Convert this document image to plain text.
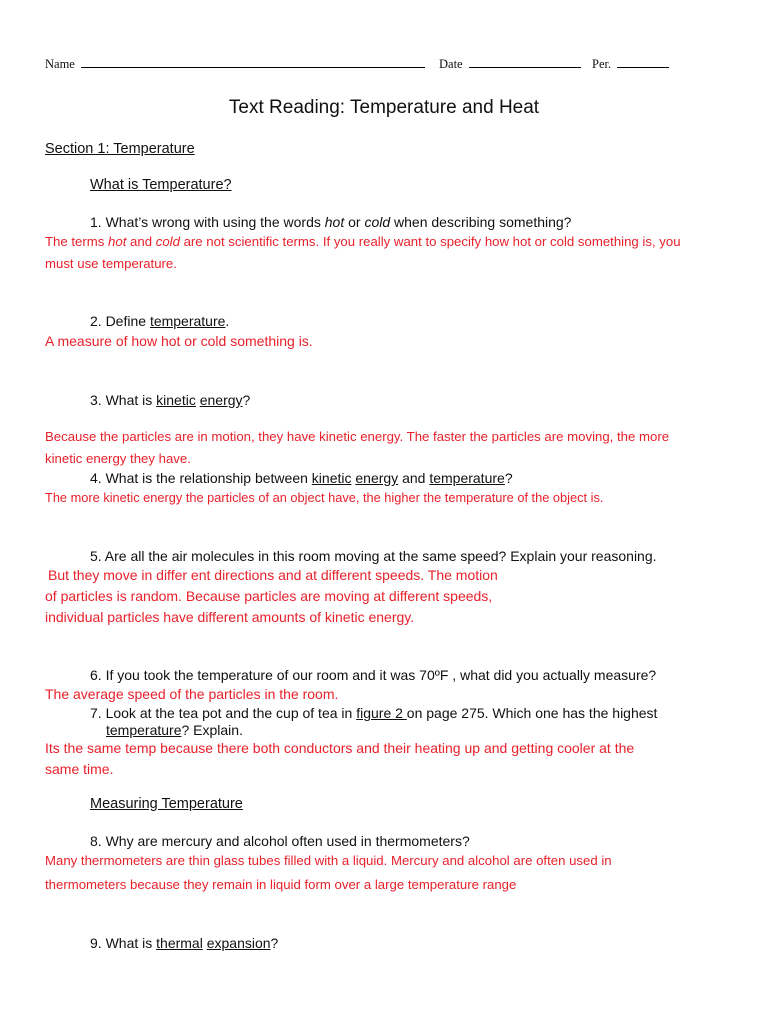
Name	Date	Per.
Text Reading: Temperature and Heat
Section 1: Temperature
What is Temperature?
1. What’s wrong with using the words hot or cold when describing something?
The terms hot and cold are not scientific terms. If you really want to specify how hot or cold something is, you
must use temperature.
2. Define temperature.
A measure of how hot or cold something is.
3. What is kinetic energy?
Because the particles are in motion, they have kinetic energy. The faster the particles are moving, the more
kinetic energy they have.
4. What is the relationship between kinetic energy and temperature?
The more kinetic energy the particles of an object have, the higher the temperature of the object is.
5. Are all the air molecules in this room moving at the same speed? Explain your reasoning.
But they move in differ ent directions and at different speeds. The motion
of particles is random. Because particles are moving at different speeds,
individual particles have different amounts of kinetic energy.
6. If you took the temperature of our room and it was 70ºF , what did you actually measure?
The average speed of the particles in the room.
7. Look at the tea pot and the cup of tea in figure 2 on page 275. Which one has the highest
temperature? Explain.
Its the same temp because there both conductors and their heating up and getting cooler at the
same time.
Measuring Temperature
8. Why are mercury and alcohol often used in thermometers?
Many thermometers are thin glass tubes filled with a liquid. Mercury and alcohol are often used in
thermometers because they remain in liquid form over a large temperature range
9. What is thermal expansion?
